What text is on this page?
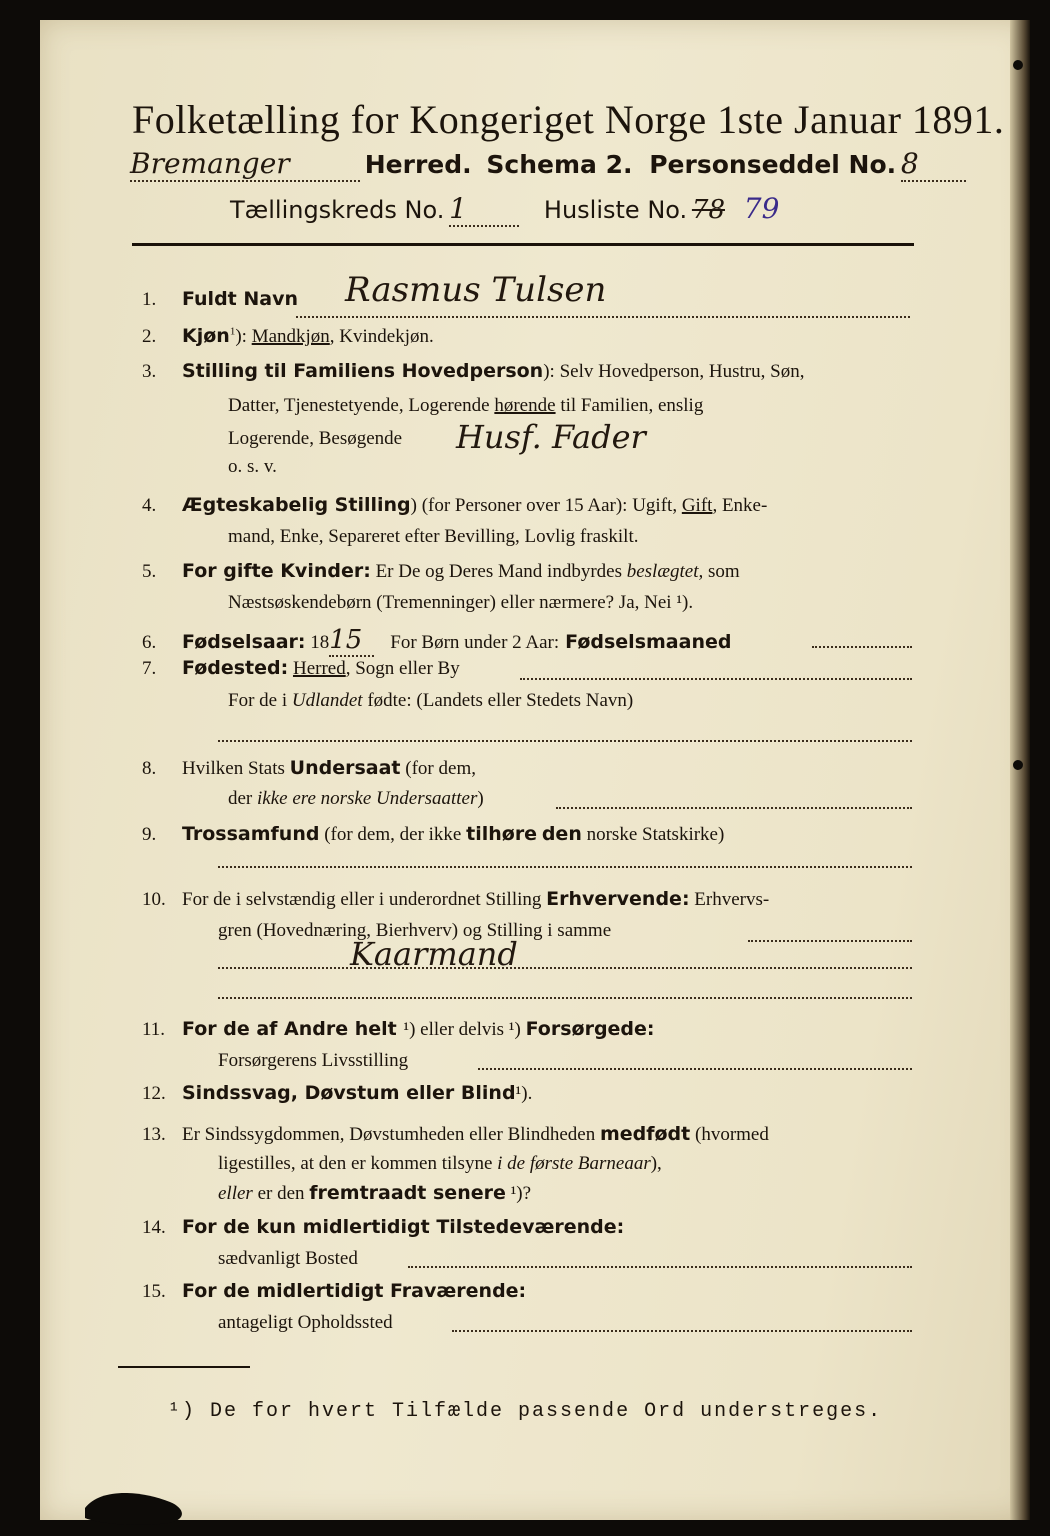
Folketælling for Kongeriget Norge 1ste Januar 1891.
Bremanger	Herred. Schema 2. Personseddel No. 8
Tællingskreds No. 1	Husliste No. 78 79
1. Fuldt Navn Rasmus Tulsen
2. Kjøn$^1$): Mandkjøn, Kvindekjøn.
3. Stilling til Familiens Hovedperson): Selv Hovedperson, Hustru, Søn,
Datter, Tjenestetyende, Logerende hørende til Familien, enslig
Logerende, Besøgende Husf. Fader
o. s. v.
4. Ægteskabelig Stilling) (for Personer over 15 Aar): Ugift, Gift, Enke-
mand, Enke, Separeret efter Bevilling, Lovlig fraskilt.
5. For gifte Kvinder: Er De og Deres Mand indbyrdes beslægtet, som
Næstsøskendebørn (Tremenninger) eller nærmere? Ja, Nei ¹).
6. Fødselsaar: 1815 For Børn under 2 Aar: Fødselsmaaned
7. Fødested: Herred, Sogn eller By
For de i Udlandet fødte: (Landets eller Stedets Navn)
8. Hvilken Stats Undersaat (for dem,
der ikke ere norske Undersaatter)
9. Trossamfund (for dem, der ikke tilhøre den norske Statskirke)
10. For de i selvstændig eller i underordnet Stilling Erhvervende: Erhvervs-
gren (Hovednæring, Bierhverv) og Stilling i samme
Kaarmand
11. For de af Andre helt ¹) eller delvis ¹) Forsørgede:
Forsørgerens Livsstilling
12. Sindssvag, Døvstum eller Blind¹).
13. Er Sindssygdommen, Døvstumheden eller Blindheden medfødt (hvormed
ligestilles, at den er kommen tilsyne i de første Barneaar),
eller er den fremtraadt senere ¹)?
14. For de kun midlertidigt Tilstedeværende:
sædvanligt Bosted
15. For de midlertidigt Fraværende:
antageligt Opholdssted
¹) De for hvert Tilfælde passende Ord understreges.
